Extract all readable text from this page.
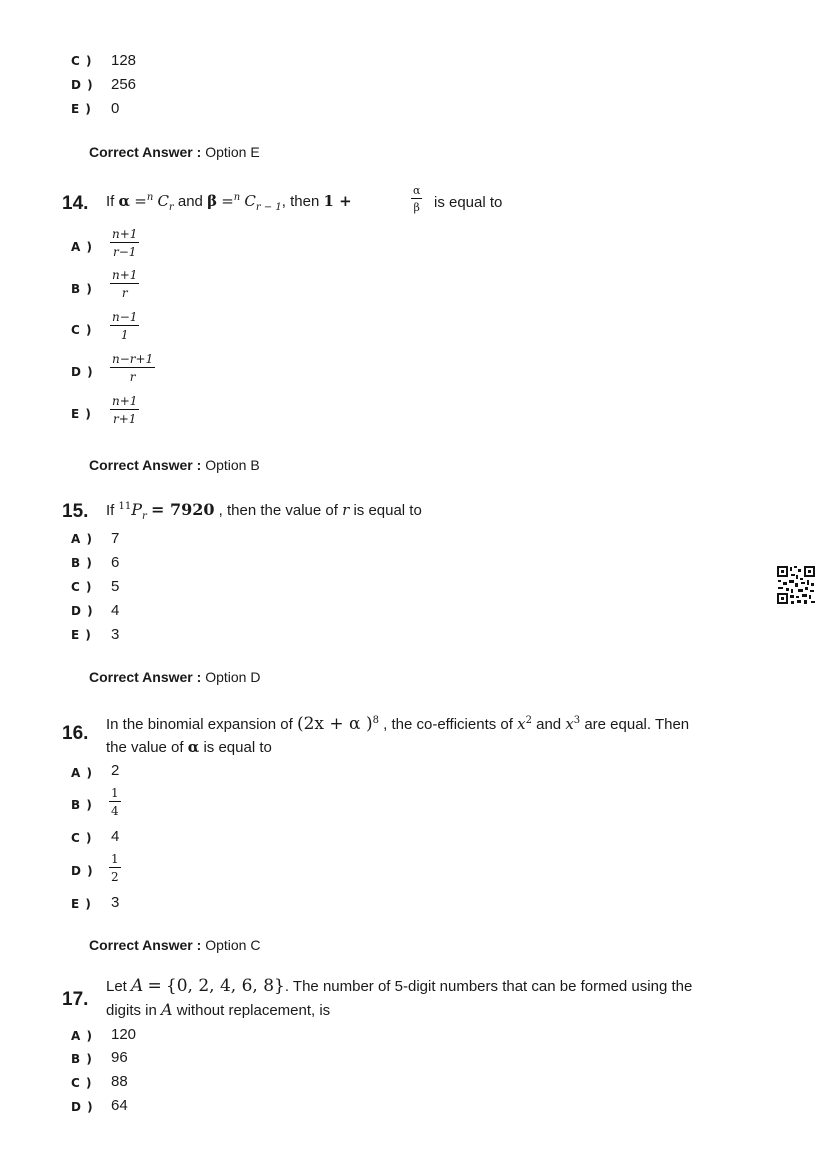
C ) 128
D ) 256
E ) 0
Correct Answer : Option E
14. If α =$^n$ $C_r$ and β =$^n$ $C_{r - 1}$, then 1 +	$\frac{\alpha}{\beta}$ is equal to
A ) $\frac{n+1}{r-1}$
B ) $\frac{n+1}{r}$
C ) $\frac{n-1}{1}$
D ) $\frac{n-r+1}{r}$
E ) $\frac{n+1}{r+1}$
Correct Answer : Option B
15. If $^{11}P_r = 7920$ , then the value of r is equal to
A ) 7
B ) 6
C ) 5
D ) 4
E ) 3
Correct Answer : Option D
16. In the binomial expansion of (2x + α )$^8$ , the co-efficients of $x^2$ and $x^3$ are equal. Then
the value of α is equal to
A ) 2
B ) $\frac{1}{4}$
C ) 4
D ) $\frac{1}{2}$
E ) 3
Correct Answer : Option C
17.
Let A = {0, 2, 4, 6, 8}. The number of 5-digit numbers that can be formed using the
digits in A without replacement, is
A ) 120
B ) 96
C ) 88
D ) 64
